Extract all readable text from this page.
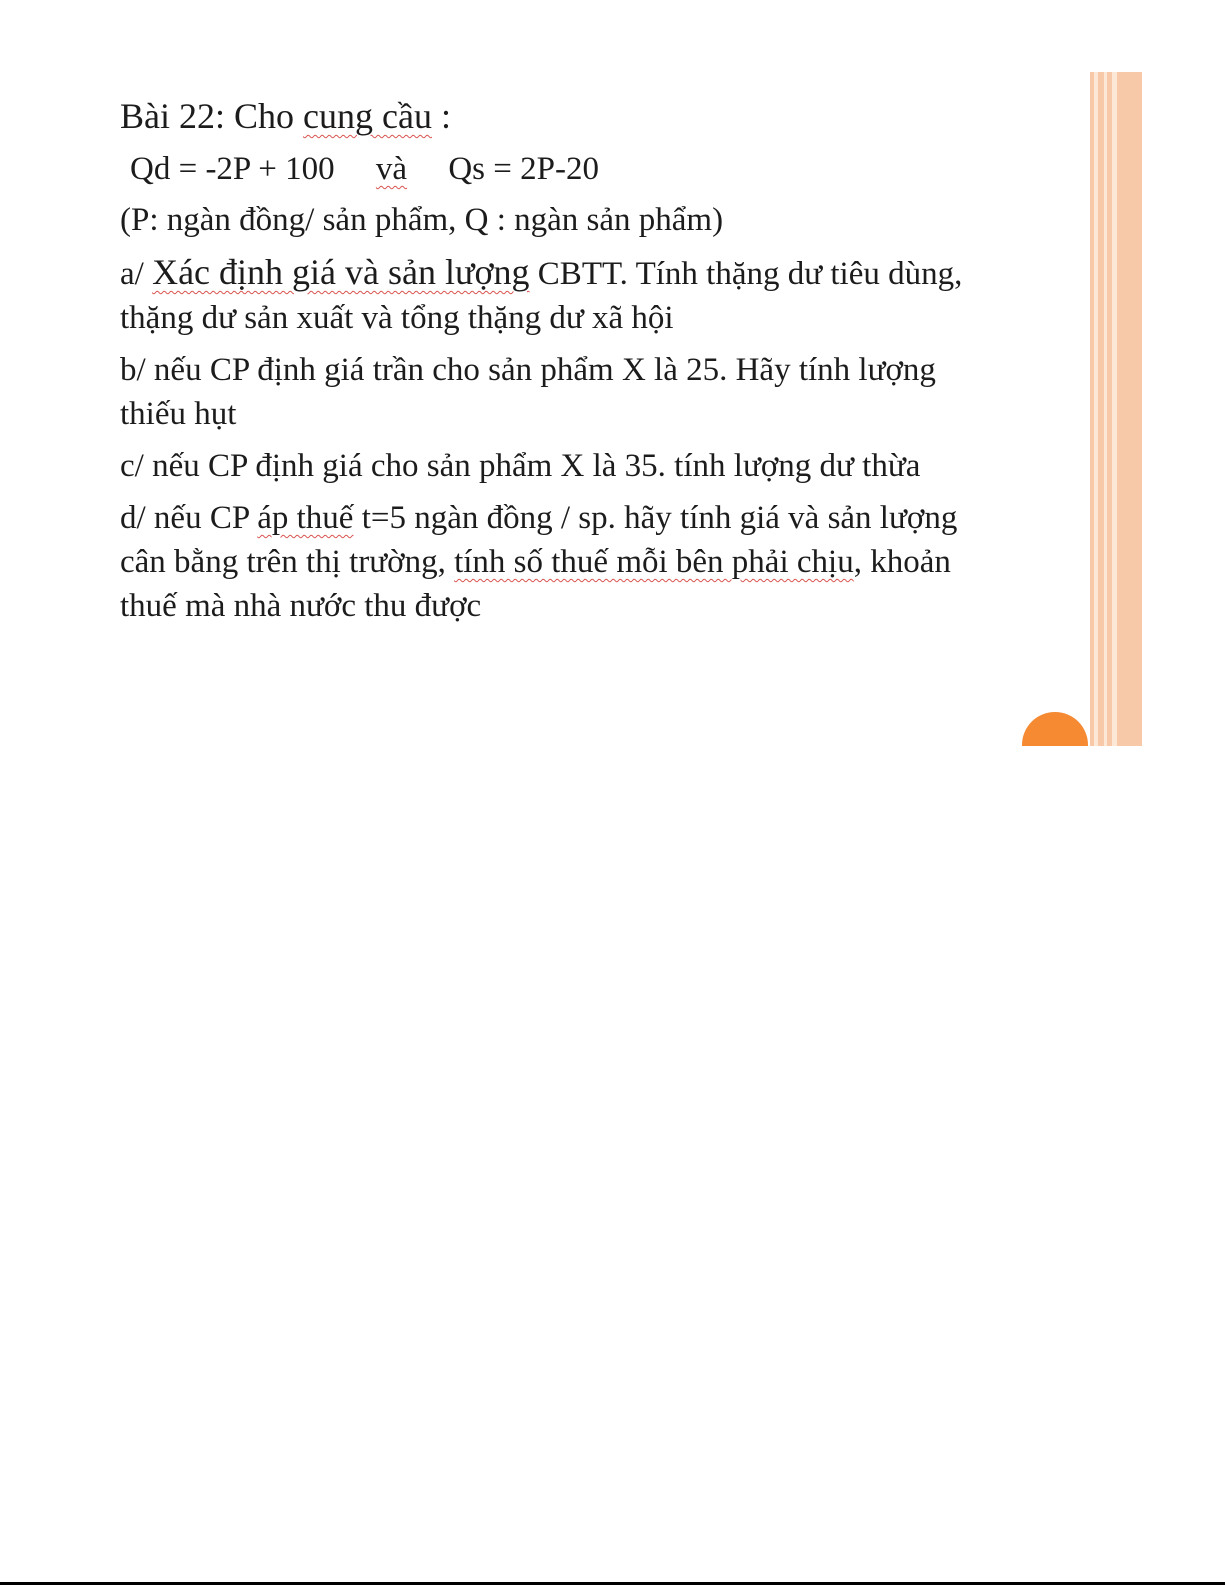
Bài 22: Cho cung cầu :
Qd = -2P + 100 và Qs = 2P-20

(P: ngàn đồng/ sản phẩm, Q : ngàn sản phẩm)

a/ Xác định giá và sản lượng CBTT. Tính thặng dư tiêu dùng, thặng dư sản xuất và tổng thặng dư xã hội

b/ nếu CP định giá trần cho sản phẩm X là 25. Hãy tính lượng thiếu hụt

c/ nếu CP định giá cho sản phẩm X là 35. tính lượng dư thừa

d/ nếu CP áp thuế t=5 ngàn đồng / sp. hãy tính giá và sản lượng cân bằng trên thị trường, tính số thuế mỗi bên phải chịu, khoản thuế mà nhà nước thu được
